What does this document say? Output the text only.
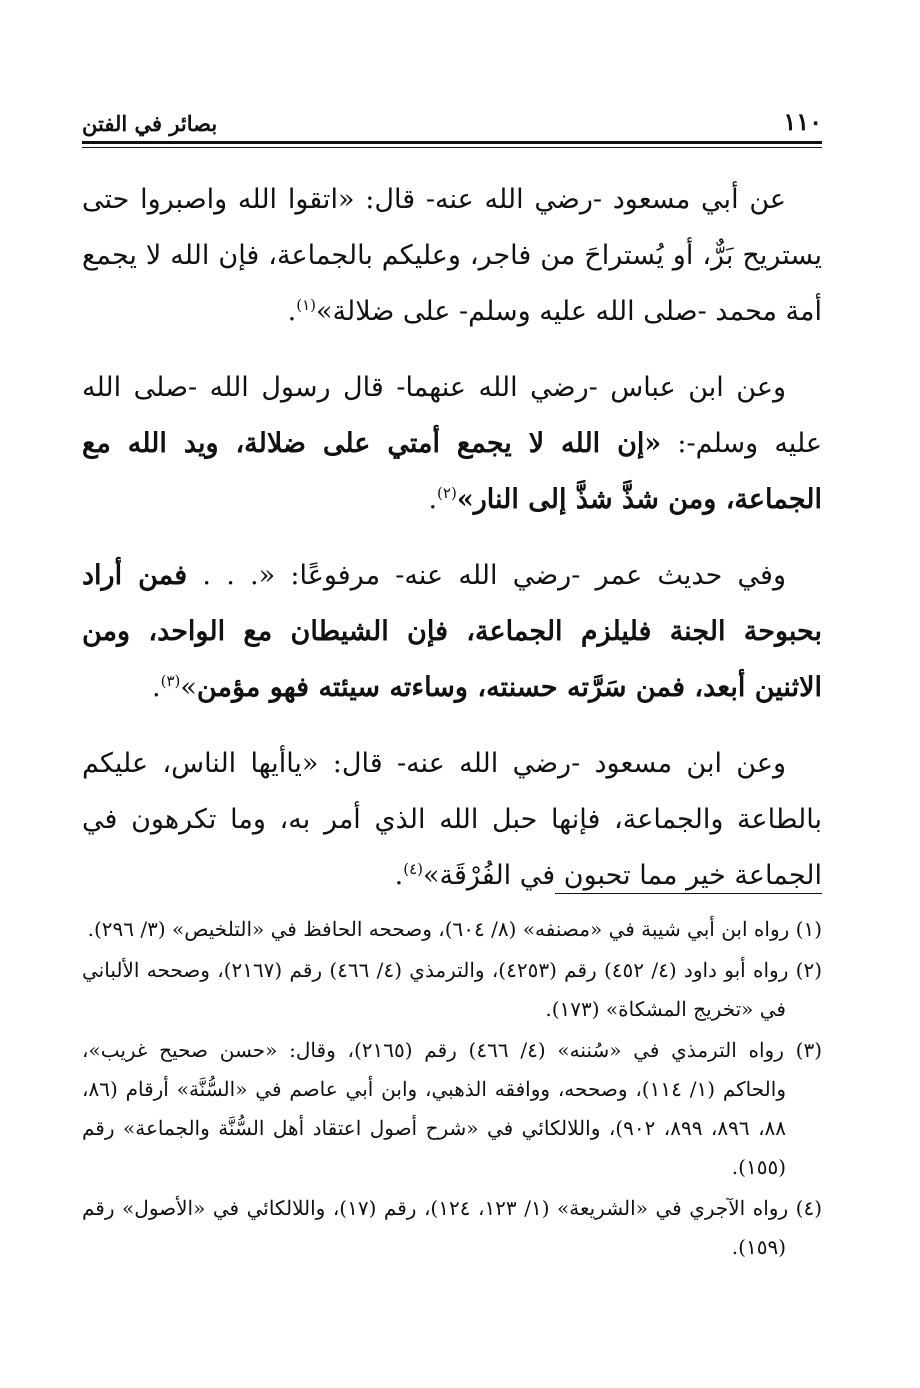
١١٠
بصائر في الفتن

عن أبي مسعود -رضي الله عنه- قال: «اتقوا الله واصبروا حتى يستريح بَرٌّ، أو يُستراحَ من فاجر، وعليكم بالجماعة، فإن الله لا يجمع أمة محمد -صلى الله عليه وسلم- على ضلالة»$^{(١)}$.

وعن ابن عباس -رضي الله عنهما- قال رسول الله -صلى الله عليه وسلم-: «إن الله لا يجمع أمتي على ضلالة، ويد الله مع الجماعة، ومن شذَّ شذَّ إلى النار»$^{(٢)}$.

وفي حديث عمر -رضي الله عنه- مرفوعًا: «. . . فمن أراد بحبوحة الجنة فليلزم الجماعة، فإن الشيطان مع الواحد، ومن الاثنين أبعد، فمن سَرَّته حسنته، وساءته سيئته فهو مؤمن»$^{(٣)}$.

وعن ابن مسعود -رضي الله عنه- قال: «ياأيها الناس، عليكم بالطاعة والجماعة، فإنها حبل الله الذي أمر به، وما تكرهون في الجماعة خير مما تحبون في الفُرْقَة»$^{(٤)}$.

(١) رواه ابن أبي شيبة في «مصنفه» (٨/ ٦٠٤)، وصححه الحافظ في «التلخيص» (٣/ ٢٩٦).

(٢) رواه أبو داود (٤/ ٤٥٢) رقم (٤٢٥٣)، والترمذي (٤/ ٤٦٦) رقم (٢١٦٧)، وصححه الألباني في «تخريج المشكاة» (١٧٣).

(٣) رواه الترمذي في «سُننه» (٤/ ٤٦٦) رقم (٢١٦٥)، وقال: «حسن صحيح غريب»، والحاكم (١/ ١١٤)، وصححه، ووافقه الذهبي، وابن أبي عاصم في «السُّنَّة» أرقام (٨٦، ٨٨، ٨٩٦، ٨٩٩، ٩٠٢)، واللالكائي في «شرح أصول اعتقاد أهل السُّنَّة والجماعة» رقم (١٥٥).

(٤) رواه الآجري في «الشريعة» (١/ ١٢٣، ١٢٤)، رقم (١٧)، واللالكائي في «الأصول» رقم (١٥٩).
